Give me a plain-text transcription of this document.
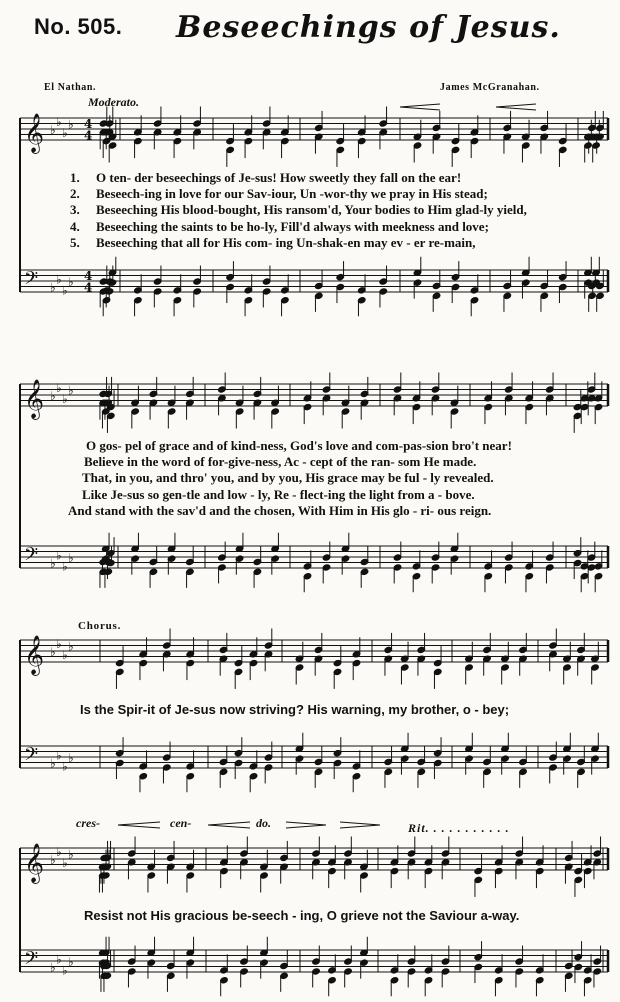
No. 505. Beseechings of Jesus.
El Nathan.	James McGranahan.
Moderato.
𝄞
𝄢
♭
♭
♭
♭
♭
♭
♭
♭
4
4
4
4
𝄞
𝄢
♭
♭
♭
♭
♭
♭
♭
♭
𝄞
𝄢
♭
♭
♭
♭
♭
♭
♭
♭
𝄞
𝄢
♭
♭
♭
♭
♭
♭
♭
♭
1. O ten- der beseechings of Je-sus! How sweetly they fall on the ear!
2. Beseech-ing in love for our Sav-iour, Un -wor-thy we pray in His stead;
3. Beseeching His blood-bought, His ransom'd, Your bodies to Him glad-ly yield,
4. Beseeching the saints to be ho-ly, Fill'd always with meekness and love;
5. Beseeching that all for His com- ing Un-shak-en may ev - er re-main,
O gos- pel of grace and of kind-ness, God's love and com-pas-sion bro't near!
Believe in the word of for-give-ness, Ac - cept of the ran- som He made.
That, in you, and thro' you, and by you, His grace may be ful - ly revealed.
Like Je-sus so gen-tle and low - ly, Re - flect-ing the light from a - bove.
And stand with the sav'd and the chosen, With Him in His glo - ri- ous reign.
Chorus.
Is the Spir-it of Je-sus now striving? His warning, my brother, o - bey;
cres-	cen-	do.	Rit. . . . . . . . . . .
Resist not His gracious be-seech - ing, O grieve not the Saviour a-way.
